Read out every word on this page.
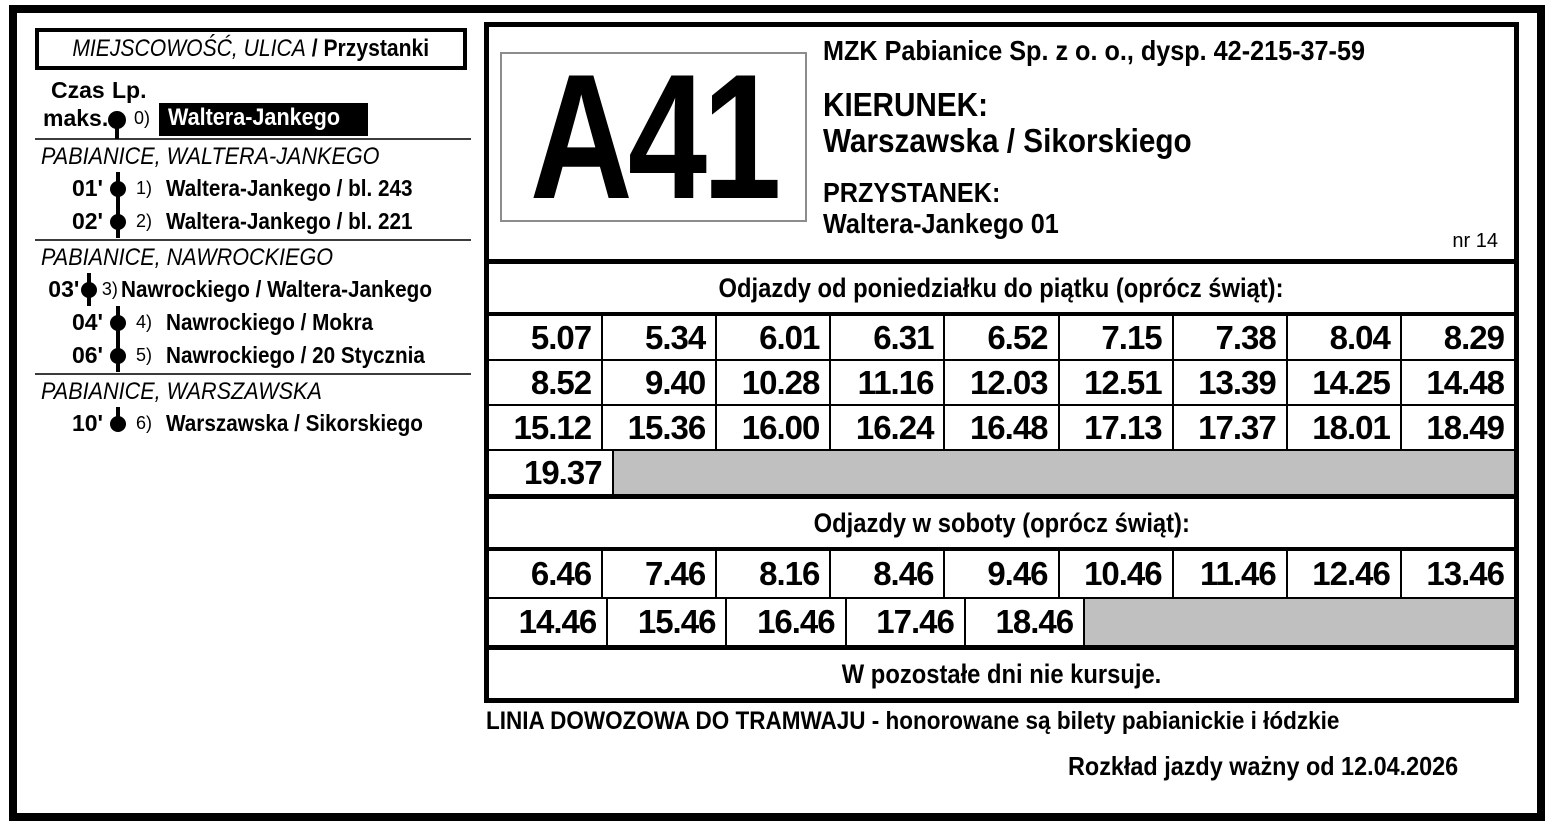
MIEJSCOWOŚĆ, ULICA / Przystanki
Czas Lp.
maks. 0) Waltera-Jankego
PABIANICE, WALTERA-JANKEGO
01' 1) Waltera-Jankego / bl. 243
02' 2) Waltera-Jankego / bl. 221
PABIANICE, NAWROCKIEGO
03' 3) Nawrockiego / Waltera-Jankego
04' 4) Nawrockiego / Mokra
06' 5) Nawrockiego / 20 Stycznia
PABIANICE, WARSZAWSKA
10' 6) Warszawska / Sikorskiego
A41 MZK Pabianice Sp. z o. o., dysp. 42-215-37-59
KIERUNEK:
Warszawska / Sikorskiego
PRZYSTANEK:
Waltera-Jankego 01
nr 14
Odjazdy od poniedziałku do piątku (oprócz świąt):
5.07	5.34	6.01	6.31	6.52	7.15	7.38	8.04	8.29
8.52	9.40	10.28	11.16	12.03	12.51	13.39	14.25	14.48
15.12	15.36	16.00	16.24	16.48	17.13	17.37	18.01	18.49
19.37
Odjazdy w soboty (oprócz świąt):
6.46	7.46	8.16	8.46	9.46	10.46	11.46	12.46	13.46
14.46	15.46	16.46	17.46	18.46
W pozostałe dni nie kursuje.
LINIA DOWOZOWA DO TRAMWAJU - honorowane są bilety pabianickie i łódzkie
Rozkład jazdy ważny od 12.04.2026
